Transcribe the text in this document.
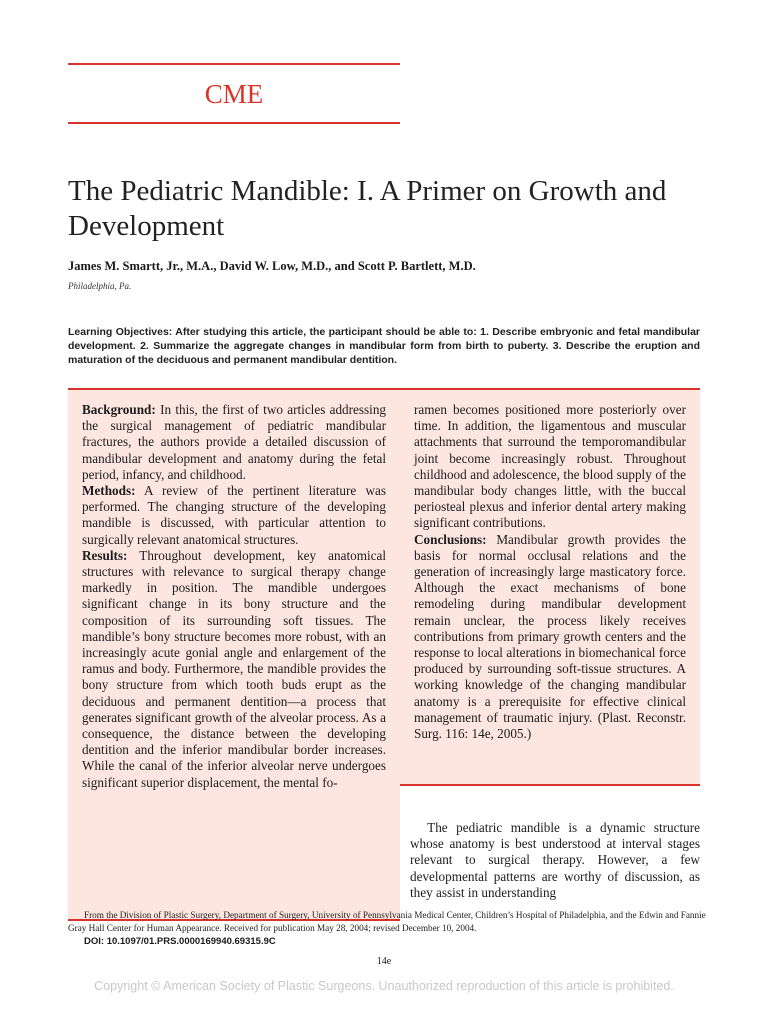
CME
The Pediatric Mandible: I. A Primer on Growth and Development
James M. Smartt, Jr., M.A., David W. Low, M.D., and Scott P. Bartlett, M.D.
Philadelphia, Pa.
Learning Objectives: After studying this article, the participant should be able to: 1. Describe embryonic and fetal mandibular development. 2. Summarize the aggregate changes in mandibular form from birth to puberty. 3. Describe the eruption and maturation of the deciduous and permanent mandibular dentition.
Background: In this, the first of two articles addressing the surgical management of pediatric mandibular fractures, the authors provide a detailed discussion of mandibular development and anatomy during the fetal period, infancy, and childhood.
Methods: A review of the pertinent literature was performed. The changing structure of the developing mandible is discussed, with particular attention to surgically relevant anatomical structures.
Results: Throughout development, key anatomical structures with relevance to surgical therapy change markedly in position. The mandible undergoes significant change in its bony structure and the composition of its surrounding soft tissues. The mandible’s bony structure becomes more robust, with an increasingly acute gonial angle and enlargement of the ramus and body. Furthermore, the mandible provides the bony structure from which tooth buds erupt as the deciduous and permanent dentition—a process that generates significant growth of the alveolar process. As a consequence, the distance between the developing dentition and the inferior mandibular border increases. While the canal of the inferior alveolar nerve undergoes significant superior displacement, the mental fo-
ramen becomes positioned more posteriorly over time. In addition, the ligamentous and muscular attachments that surround the temporomandibular joint become increasingly robust. Throughout childhood and adolescence, the blood supply of the mandibular body changes little, with the buccal periosteal plexus and inferior dental artery making significant contributions.
Conclusions: Mandibular growth provides the basis for normal occlusal relations and the generation of increasingly large masticatory force. Although the exact mechanisms of bone remodeling during mandibular development remain unclear, the process likely receives contributions from primary growth centers and the response to local alterations in biomechanical force produced by surrounding soft-tissue structures. A working knowledge of the changing mandibular anatomy is a prerequisite for effective clinical management of traumatic injury. (Plast. Reconstr. Surg. 116: 14e, 2005.)
The pediatric mandible is a dynamic structure whose anatomy is best understood at interval stages relevant to surgical therapy. However, a few developmental patterns are worthy of discussion, as they assist in understanding
From the Division of Plastic Surgery, Department of Surgery, University of Pennsylvania Medical Center, Children’s Hospital of Philadelphia, and the Edwin and Fannie Gray Hall Center for Human Appearance. Received for publication May 28, 2004; revised December 10, 2004.
DOI: 10.1097/01.PRS.0000169940.69315.9C
14e
Copyright © American Society of Plastic Surgeons. Unauthorized reproduction of this article is prohibited.
